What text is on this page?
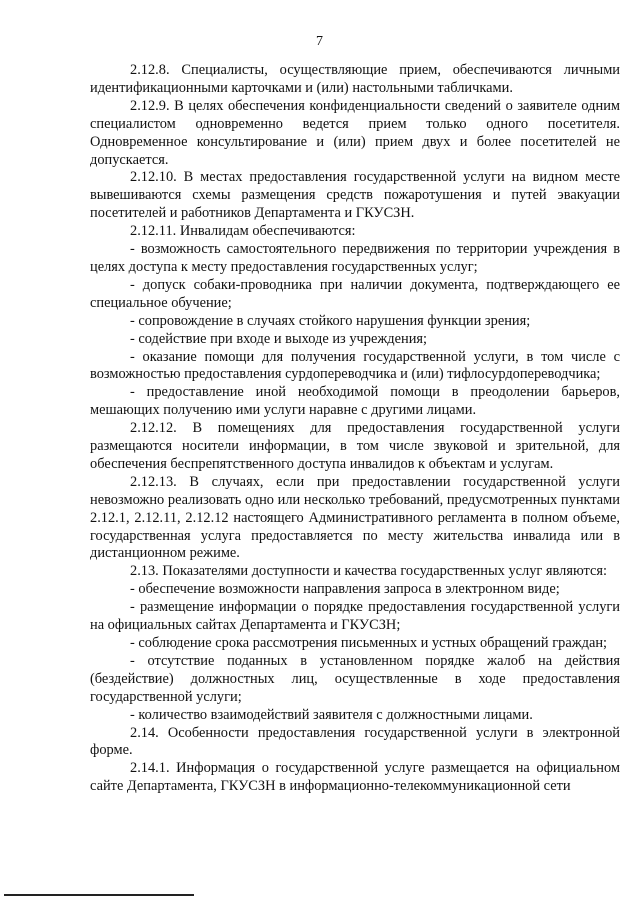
7

2.12.8. Специалисты, осуществляющие прием, обеспечиваются личными идентификационными карточками и (или) настольными табличками.

2.12.9. В целях обеспечения конфиденциальности сведений о заявителе одним специалистом одновременно ведется прием только одного посетителя. Одновременное консультирование и (или) прием двух и более посетителей не допускается.

2.12.10. В местах предоставления государственной услуги на видном месте вывешиваются схемы размещения средств пожаротушения и путей эвакуации посетителей и работников Департамента и ГКУСЗН.

2.12.11. Инвалидам обеспечиваются:

- возможность самостоятельного передвижения по территории учреждения в целях доступа к месту предоставления государственных услуг;

- допуск собаки-проводника при наличии документа, подтверждающего ее специальное обучение;

- сопровождение в случаях стойкого нарушения функции зрения;

- содействие при входе и выходе из учреждения;

- оказание помощи для получения государственной услуги, в том числе с возможностью предоставления сурдопереводчика и (или) тифлосурдопереводчика;

- предоставление иной необходимой помощи в преодолении барьеров, мешающих получению ими услуги наравне с другими лицами.

2.12.12. В помещениях для предоставления государственной услуги размещаются носители информации, в том числе звуковой и зрительной, для обеспечения беспрепятственного доступа инвалидов к объектам и услугам.

2.12.13. В случаях, если при предоставлении государственной услуги невозможно реализовать одно или несколько требований, предусмотренных пунктами 2.12.1, 2.12.11, 2.12.12 настоящего Административного регламента в полном объеме, государственная услуга предоставляется по месту жительства инвалида или в дистанционном режиме.

2.13. Показателями доступности и качества государственных услуг являются:

- обеспечение возможности направления запроса в электронном виде;

- размещение информации о порядке предоставления государственной услуги на официальных сайтах Департамента и ГКУСЗН;

- соблюдение срока рассмотрения письменных и устных обращений граждан;

- отсутствие поданных в установленном порядке жалоб на действия (бездействие) должностных лиц, осуществленные в ходе предоставления государственной услуги;

- количество взаимодействий заявителя с должностными лицами.

2.14. Особенности предоставления государственной услуги в электронной форме.

2.14.1. Информация о государственной услуге размещается на официальном сайте Департамента, ГКУСЗН в информационно-телекоммуникационной сети
